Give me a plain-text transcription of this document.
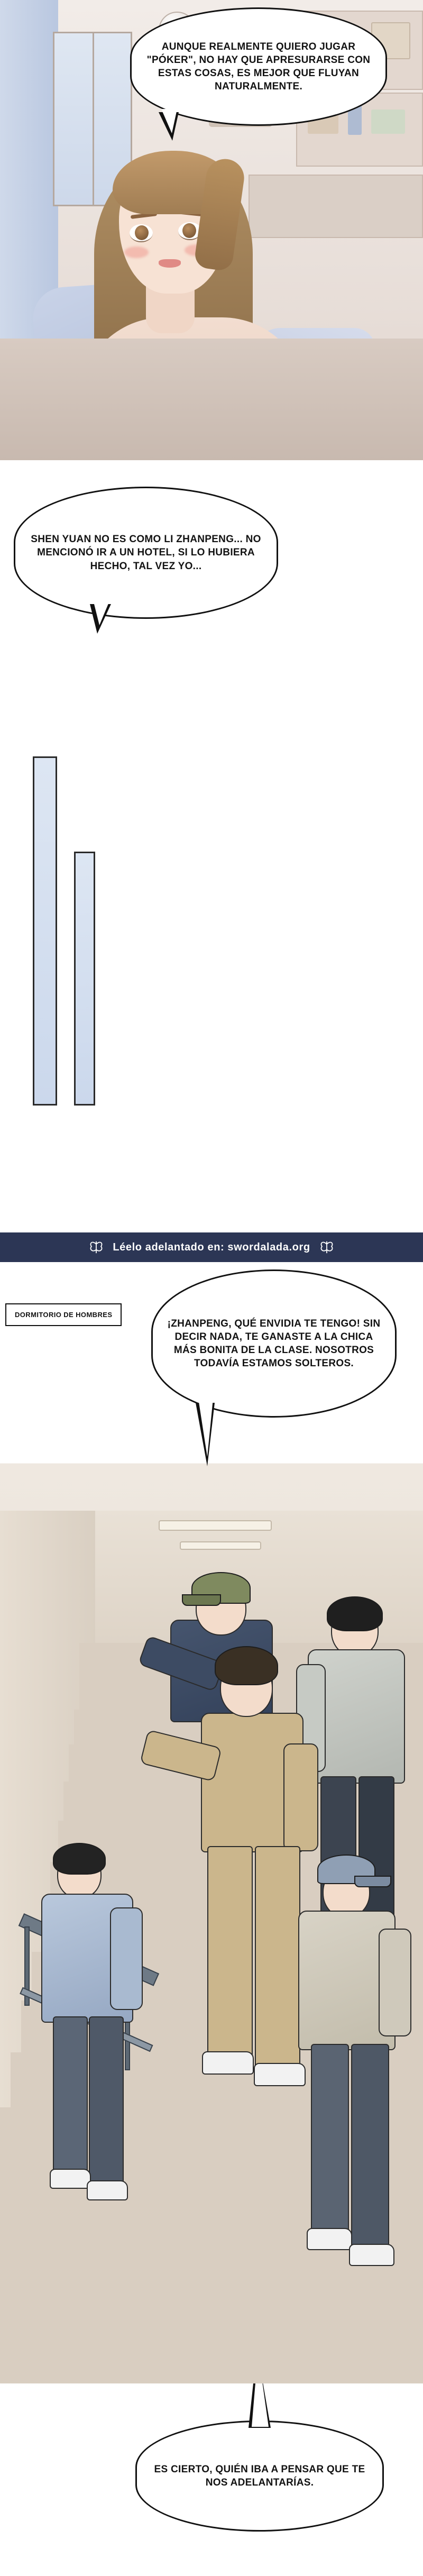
AUNQUE REALMENTE QUIERO JUGAR "PÓKER", NO HAY QUE APRESURARSE CON ESTAS COSAS, ES MEJOR QUE FLUYAN NATURALMENTE.
SHEN YUAN NO ES COMO LI ZHANPENG... NO MENCIONÓ IR A UN HOTEL, SI LO HUBIERA HECHO, TAL VEZ YO...
Léelo adelantado en: swordalada.org
DORMITORIO DE HOMBRES
¡ZHANPENG, QUÉ ENVIDIA TE TENGO! SIN DECIR NADA, TE GANASTE A LA CHICA MÁS BONITA DE LA CLASE. NOSOTROS TODAVÍA ESTAMOS SOLTEROS.
ES CIERTO, QUIÉN IBA A PENSAR QUE TE NOS ADELANTARÍAS.
